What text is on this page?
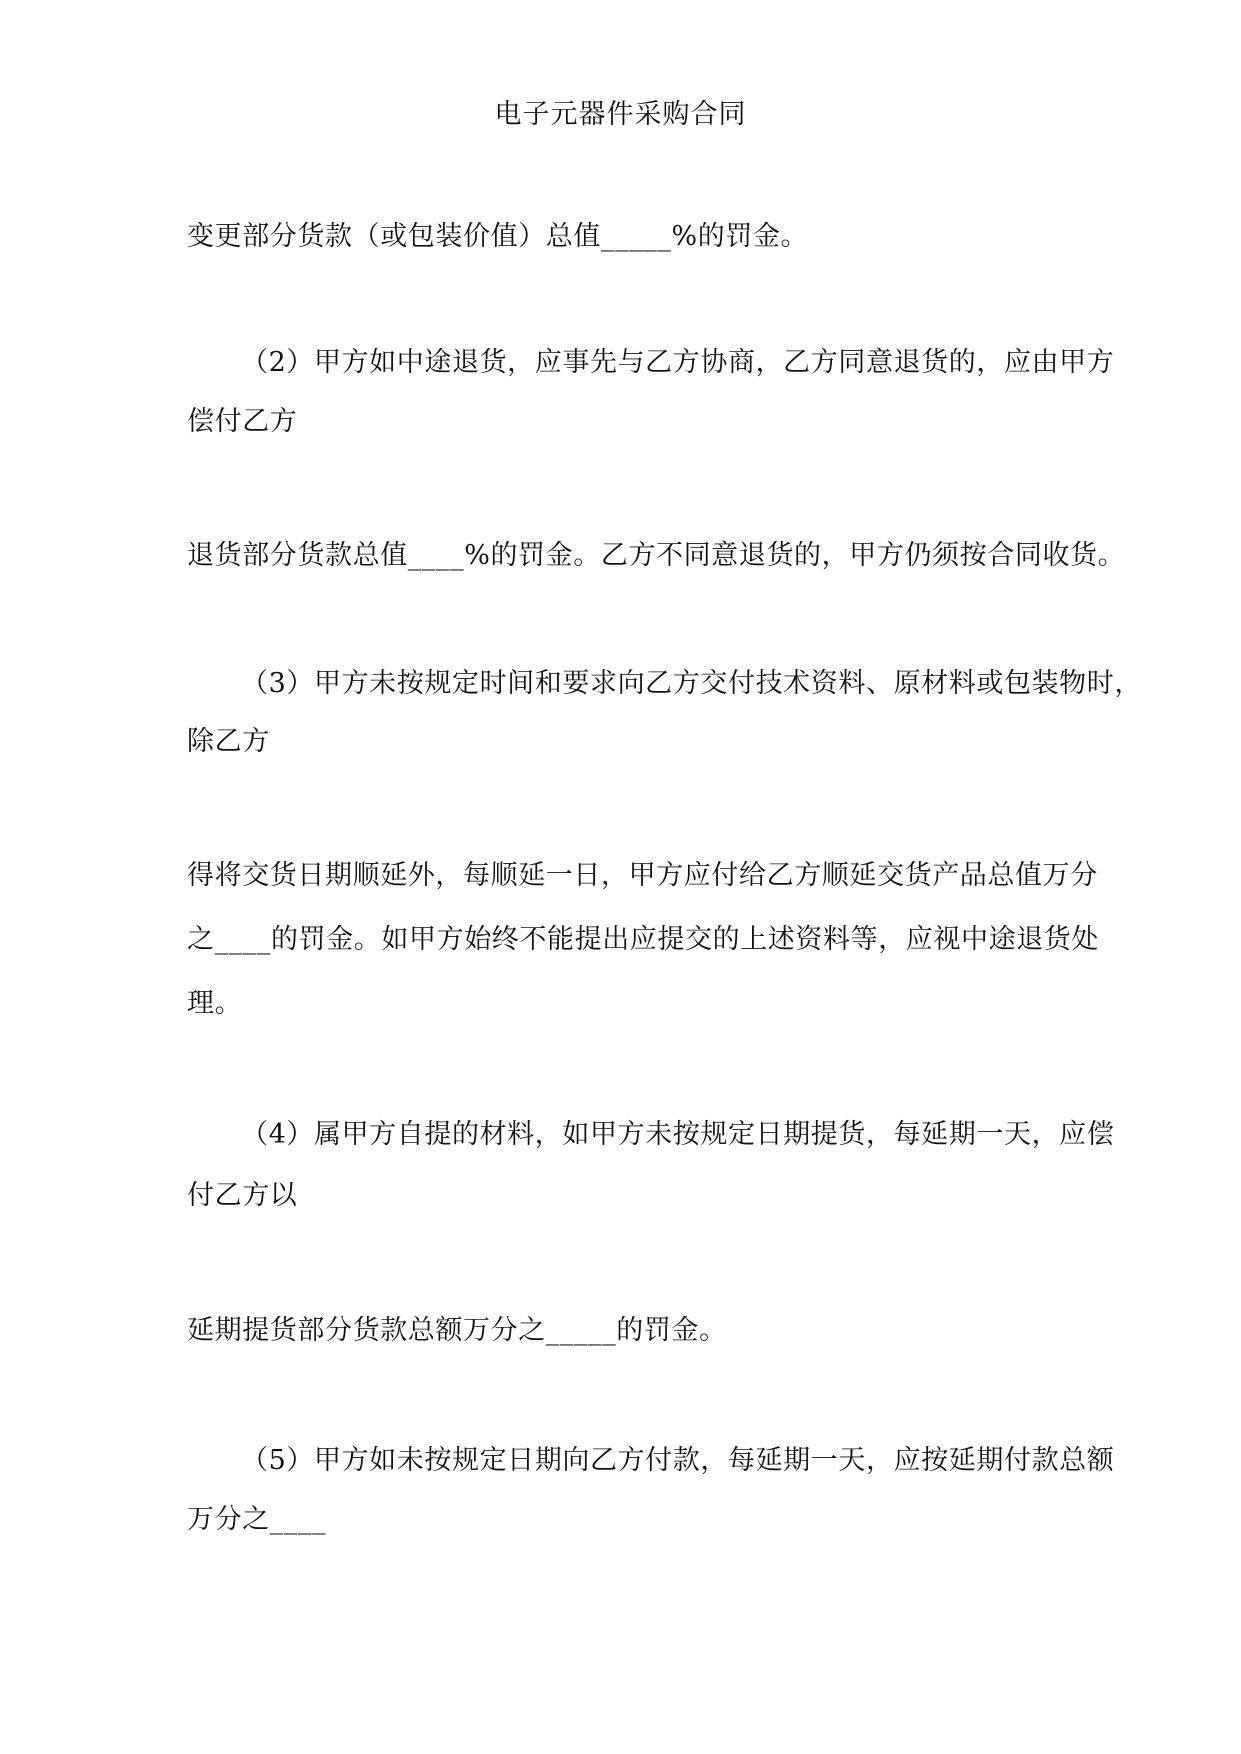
电子元器件采购合同
变更部分货款（或包装价值）总值_____%的罚金。
（2）甲方如中途退货，应事先与乙方协商，乙方同意退货的，应由甲方
偿付乙方
退货部分货款总值____%的罚金。乙方不同意退货的，甲方仍须按合同收货。
（3）甲方未按规定时间和要求向乙方交付技术资料、原材料或包装物时，
除乙方
得将交货日期顺延外，每顺延一日，甲方应付给乙方顺延交货产品总值万分
之____的罚金。如甲方始终不能提出应提交的上述资料等，应视中途退货处
理。
（4）属甲方自提的材料，如甲方未按规定日期提货，每延期一天，应偿
付乙方以
延期提货部分货款总额万分之_____的罚金。
（5）甲方如未按规定日期向乙方付款，每延期一天，应按延期付款总额
万分之____
